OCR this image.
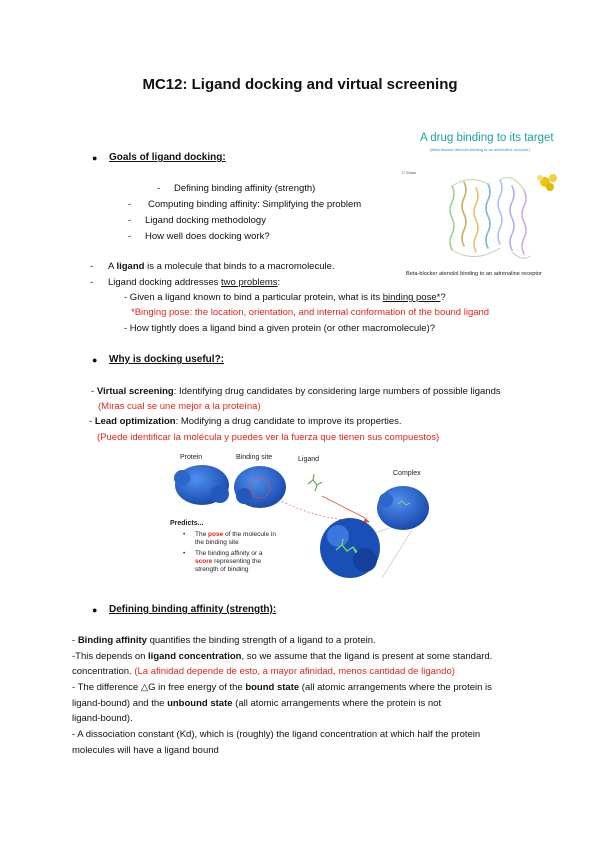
MC12: Ligand docking and virtual screening
A drug binding to its target
(Beta-blocker atenolol binding to an adrenaline receptor)
C Shaw
Beta-blocker atenolol binding to an adrenaline receptor
● Goals of ligand docking:
- Defining binding affinity (strength)
- Computing binding affinity: Simplifying the problem
- Ligand docking methodology
- How well does docking work?
- A ligand is a molecule that binds to a macromolecule.
- Ligand docking addresses two problems:
- Given a ligand known to bind a particular protein, what is its binding pose*?
*Binging pose: the location, orientation, and internal conformation of the bound ligand
- How tightly does a ligand bind a given protein (or other macromolecule)?
● Why is docking useful?:
- Virtual screening: Identifying drug candidates by considering large numbers of possible ligands
(Miras cual se une mejor a la proteína)
- Lead optimization: Modifying a drug candidate to improve its properties.
(Puede identificar la molécula y puedes ver la fuerza que tienen sus compuestos)
Protein	Binding site	Ligand
Complex
Predicts...
• The pose of the molecule in
the binding site
• The binding affinity or a
score representing the
strength of binding
● Defining binding affinity (strength):
- Binding affinity quantifies the binding strength of a ligand to a protein.
-This depends on ligand concentration, so we assume that the ligand is present at some standard.
concentration. (La afinidad depende de esto, a mayor afinidad, menos cantidad de ligando)
- The difference △G in free energy of the bound state (all atomic arrangements where the protein is
ligand-bound) and the unbound state (all atomic arrangements where the protein is not
ligand-bound).
- A dissociation constant (Kd), which is (roughly) the ligand concentration at which half the protein
molecules will have a ligand bound
